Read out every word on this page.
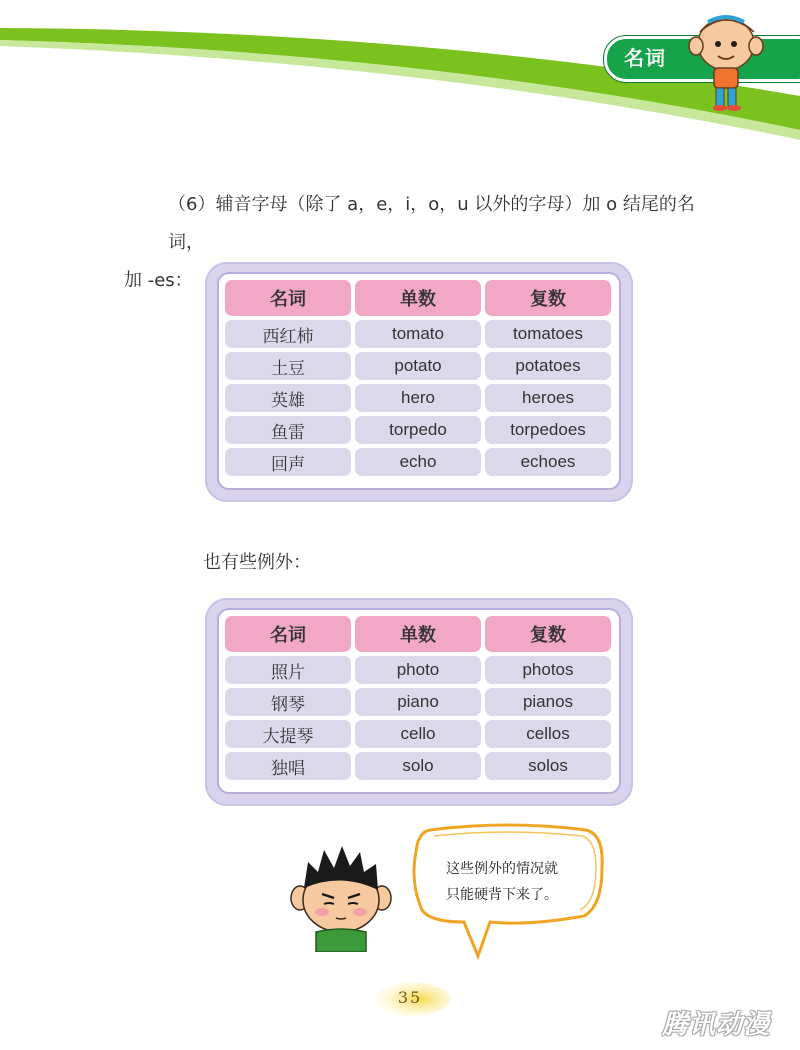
名词
（6）辅音字母（除了 a，e，i，o，u 以外的字母）加 o 结尾的名词，
加 -es：
名词	单数	复数
西红柿	tomato	tomatoes
土豆	potato	potatoes
英雄	hero	heroes
鱼雷	torpedo	torpedoes
回声	echo	echoes
也有些例外：
名词	单数	复数
照片	photo	photos
钢琴	piano	pianos
大提琴	cello	cellos
独唱	solo	solos
这些例外的情况就
只能硬背下来了。
35
腾讯动漫
